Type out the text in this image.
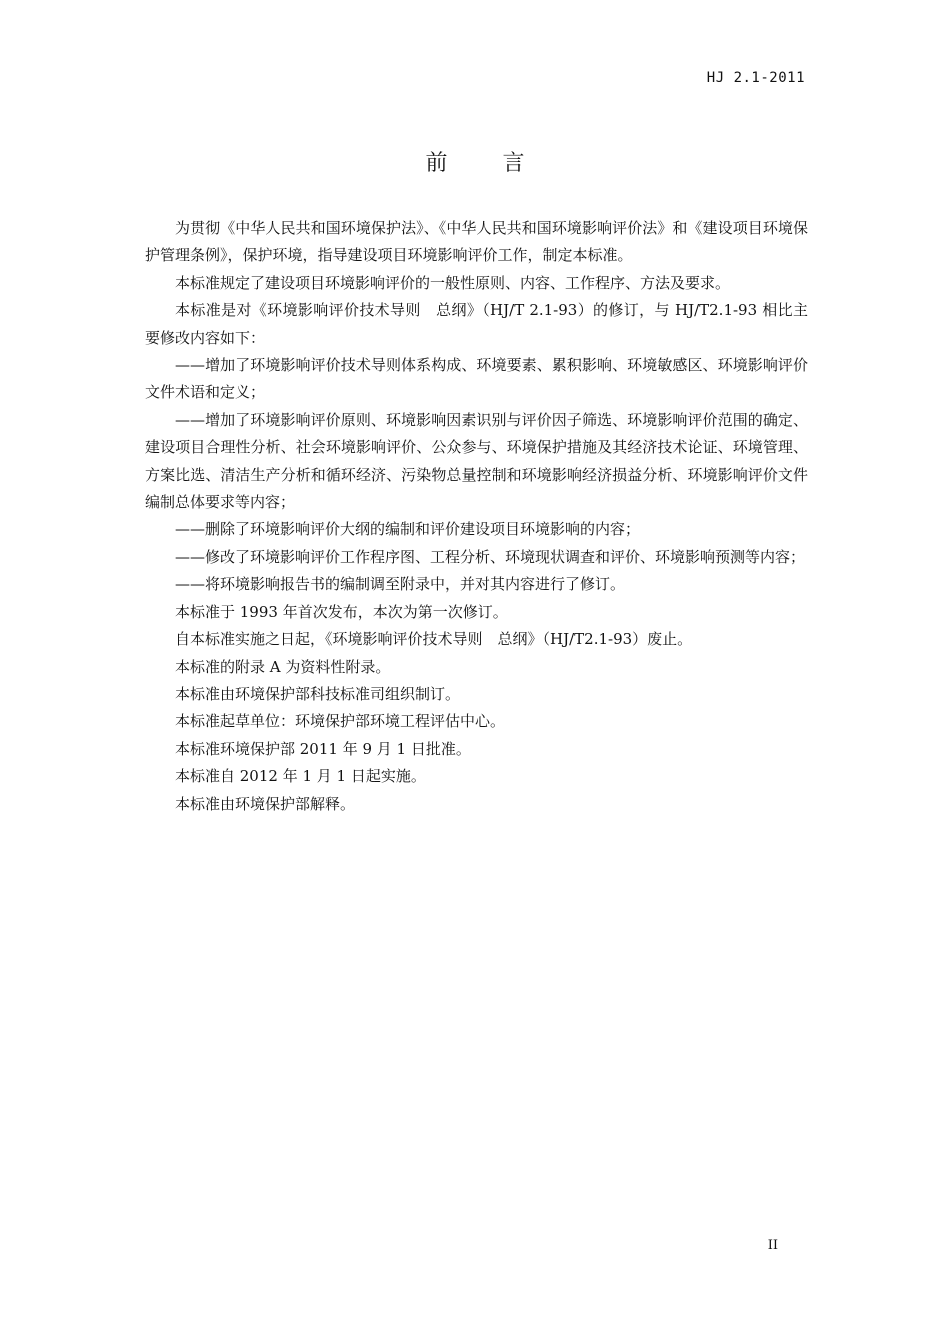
HJ 2.1-2011
前 言

为贯彻《中华人民共和国环境保护法》、《中华人民共和国环境影响评价法》和《建设项目环境保护管理条例》，保护环境，指导建设项目环境影响评价工作，制定本标准。

本标准规定了建设项目环境影响评价的一般性原则、内容、工作程序、方法及要求。

本标准是对《环境影响评价技术导则　总纲》（HJ/T 2.1-93）的修订，与 HJ/T2.1-93 相比主要修改内容如下：

——增加了环境影响评价技术导则体系构成、环境要素、累积影响、环境敏感区、环境影响评价文件术语和定义；

——增加了环境影响评价原则、环境影响因素识别与评价因子筛选、环境影响评价范围的确定、建设项目合理性分析、社会环境影响评价、公众参与、环境保护措施及其经济技术论证、环境管理、方案比选、清洁生产分析和循环经济、污染物总量控制和环境影响经济损益分析、环境影响评价文件编制总体要求等内容；

——删除了环境影响评价大纲的编制和评价建设项目环境影响的内容；

——修改了环境影响评价工作程序图、工程分析、环境现状调查和评价、环境影响预测等内容；

——将环境影响报告书的编制调至附录中，并对其内容进行了修订。

本标准于 1993 年首次发布，本次为第一次修订。

自本标准实施之日起，《环境影响评价技术导则　总纲》（HJ/T2.1-93）废止。

本标准的附录 A 为资料性附录。

本标准由环境保护部科技标准司组织制订。

本标准起草单位：环境保护部环境工程评估中心。

本标准环境保护部 2011 年 9 月 1 日批准。

本标准自 2012 年 1 月 1 日起实施。

本标准由环境保护部解释。

II
